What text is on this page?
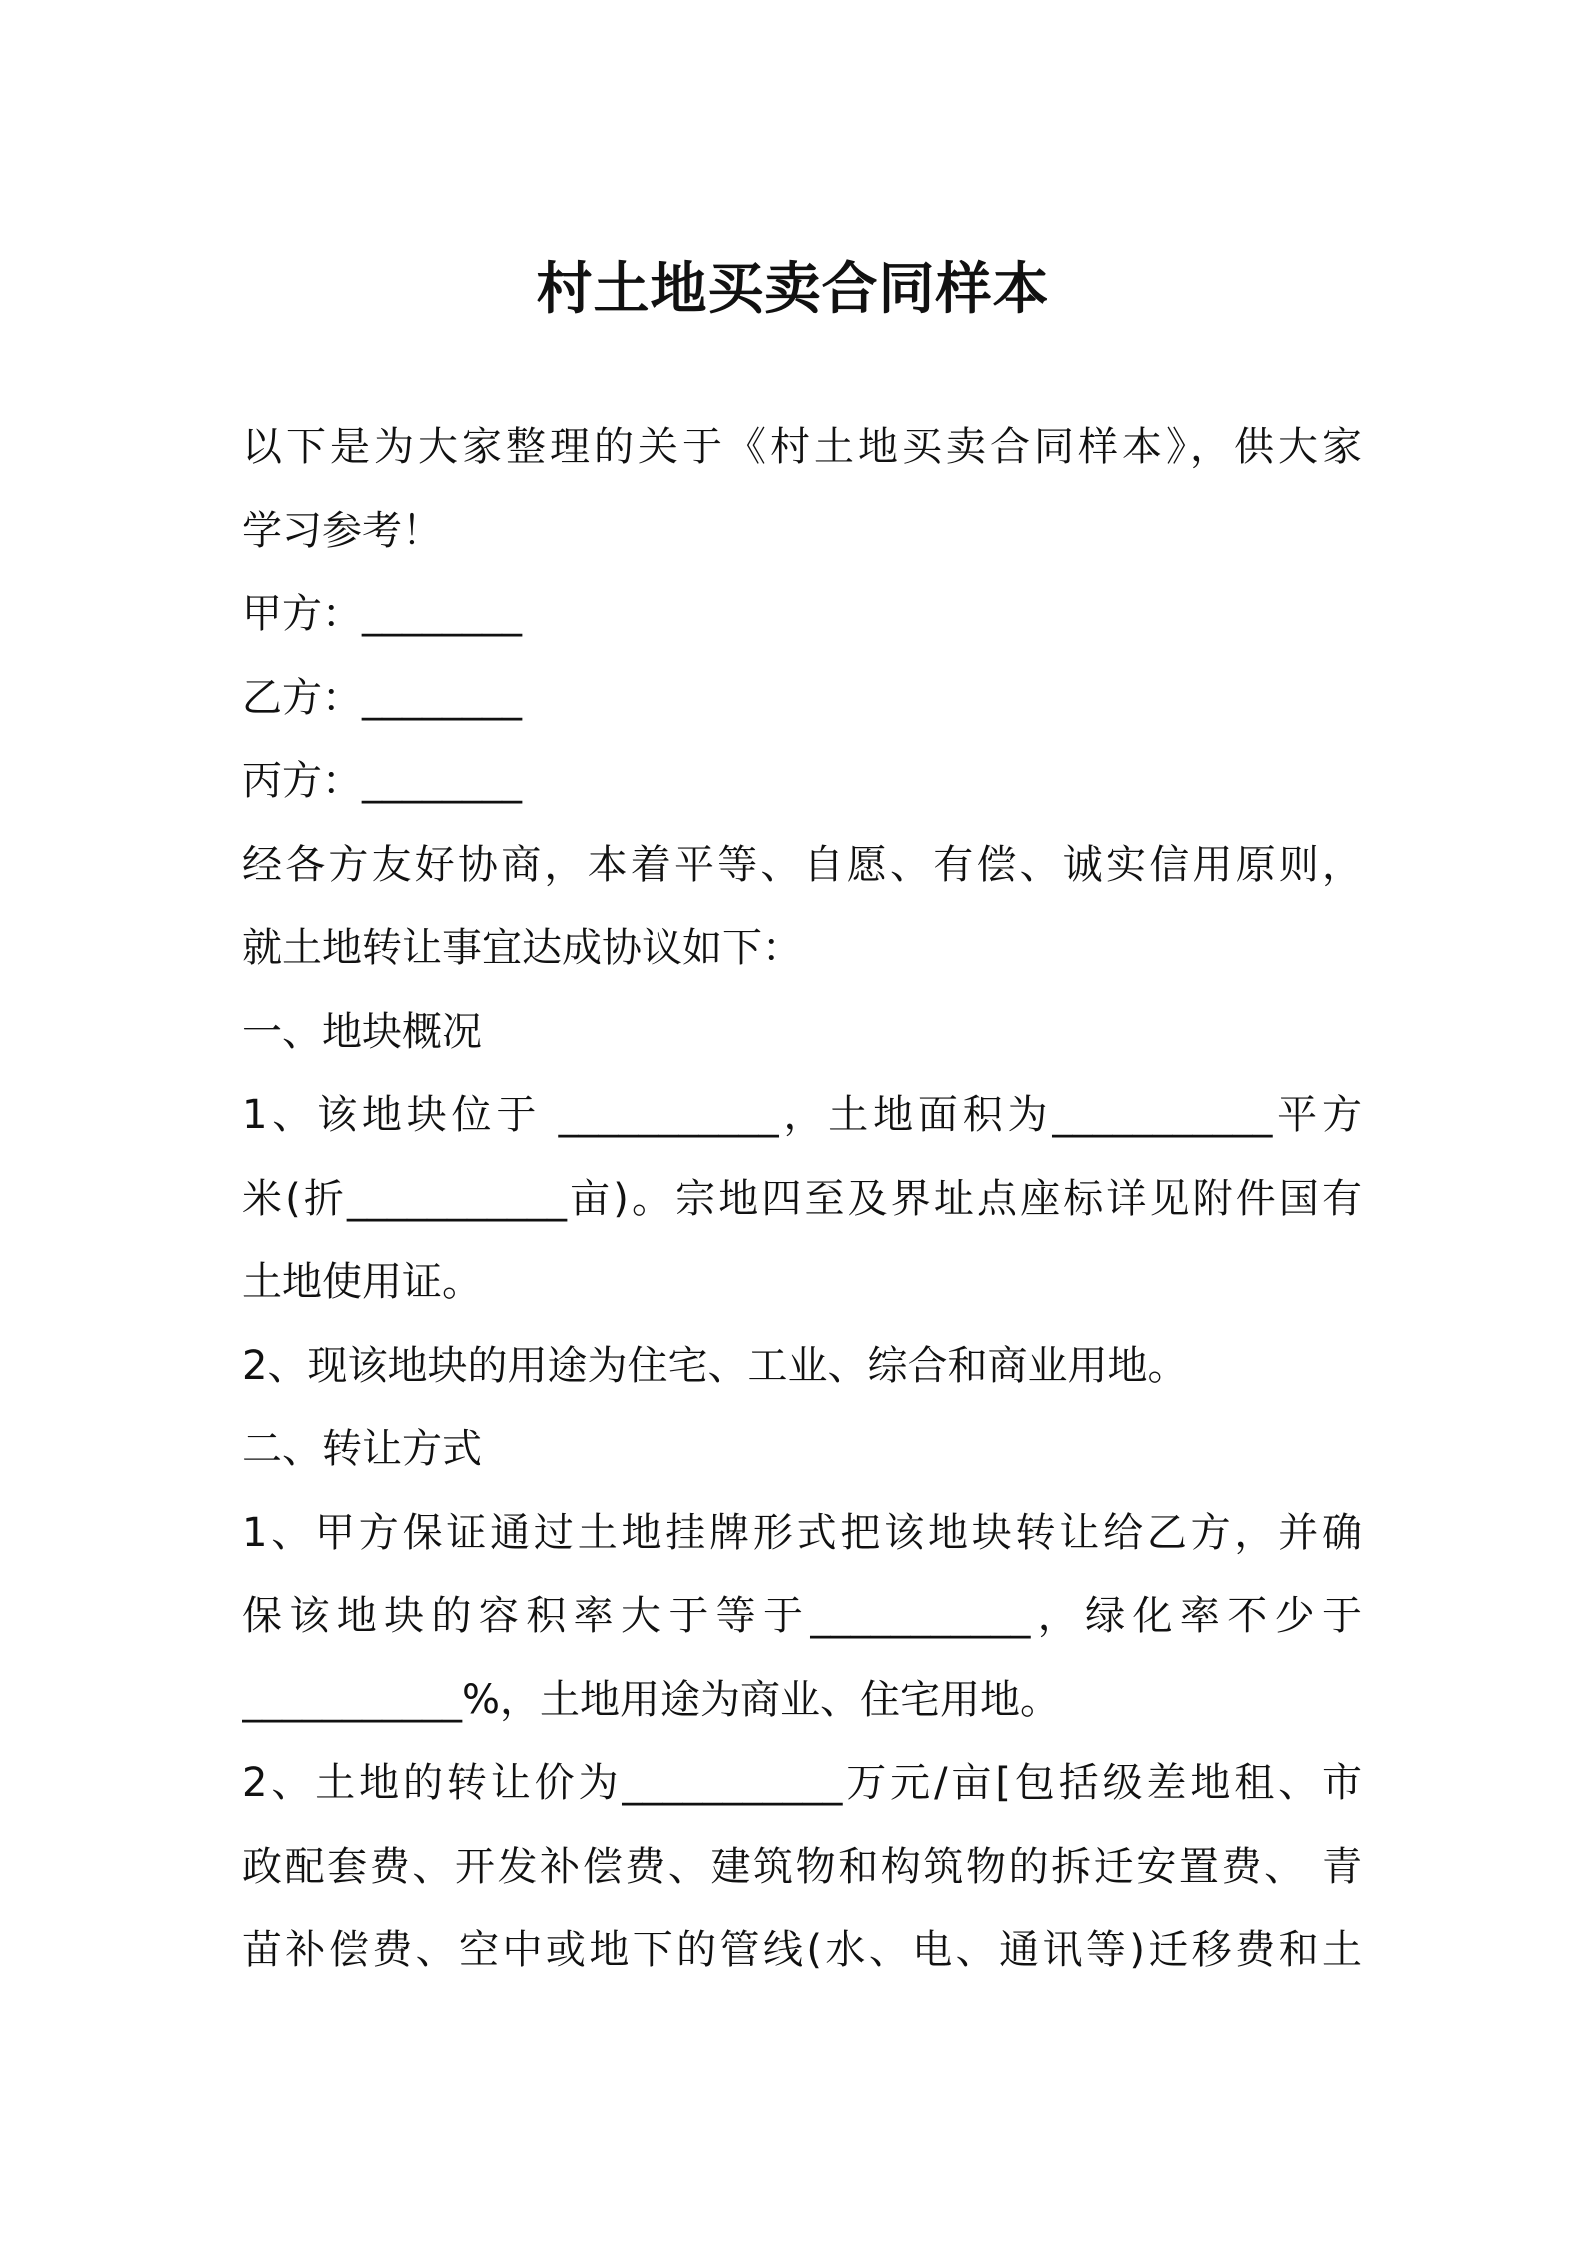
村土地买卖合同样本
以下是为大家整理的关于《村土地买卖合同样本》，供大家
学习参考！
甲方：________
乙方：________
丙方：________
经各方友好协商，本着平等、自愿、有偿、诚实信用原则，
就土地转让事宜达成协议如下：
一、地块概况
1、该地块位于 ___________，土地面积为___________平方
米(折___________亩)。宗地四至及界址点座标详见附件国有
土地使用证。
2、现该地块的用途为住宅、工业、综合和商业用地。
二、转让方式
1、甲方保证通过土地挂牌形式把该地块转让给乙方，并确
保该地块的容积率大于等于___________，绿化率不少于
___________%，土地用途为商业、住宅用地。
2、土地的转让价为___________万元/亩[包括级差地租、市
政配套费、开发补偿费、建筑物和构筑物的拆迁安置费、 青
苗补偿费、空中或地下的管线(水、电、通讯等)迁移费和土
